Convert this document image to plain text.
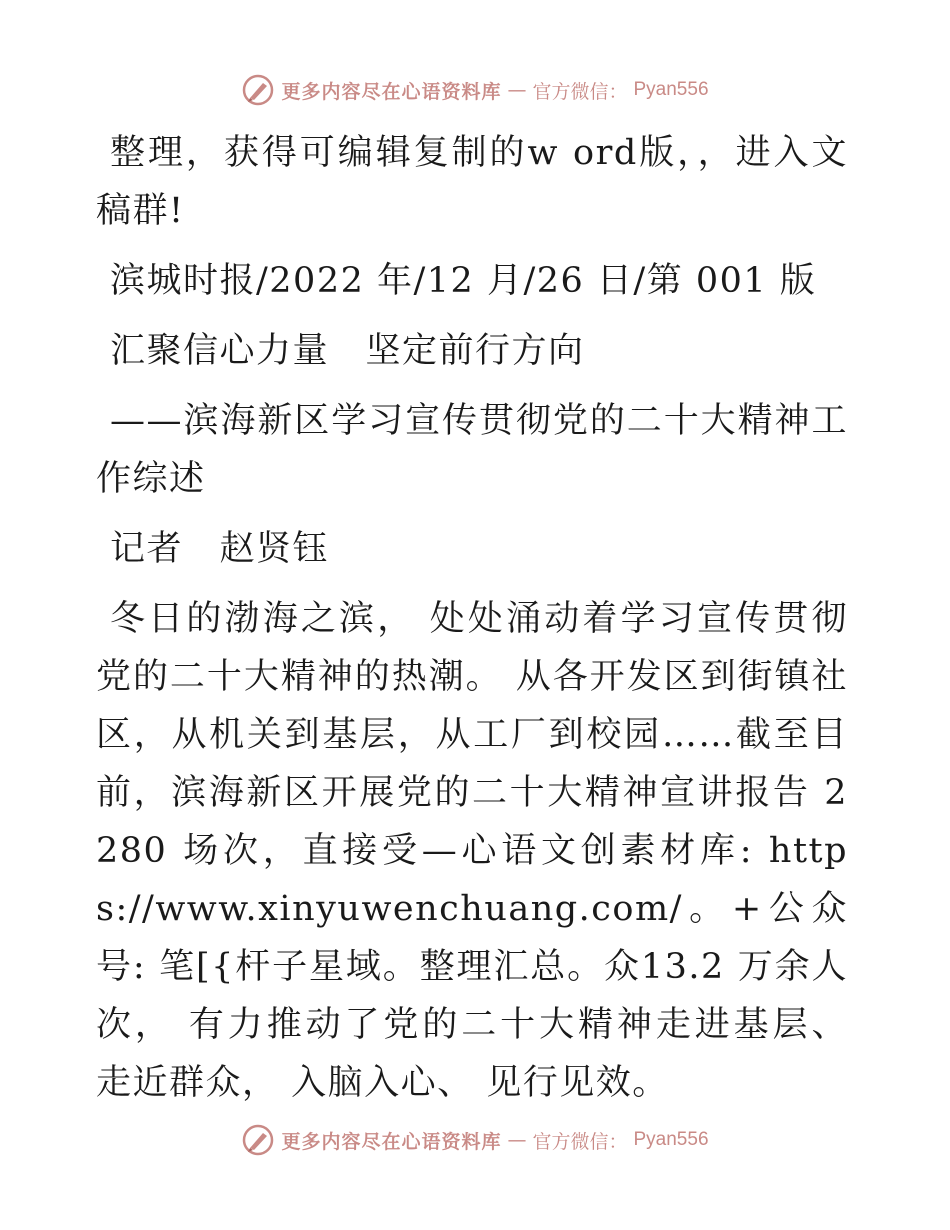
更多内容尽在心语资料库 — 官方微信： Pyan556

整理，获得可编辑复制的w ord版，，进入文稿群!

滨城时报/2022 年/12 月/26 日/第 001 版

汇聚信心力量　坚定前行方向

——滨海新区学习宣传贯彻党的二十大精神工作综述

记者　赵贤钰

冬日的渤海之滨， 处处涌动着学习宣传贯彻党的二十大精神的热潮。 从各开发区到街镇社区，从机关到基层，从工厂到校园……截至目前，滨海新区开展党的二十大精神宣讲报告 2280 场次，直接受—心语文创素材库: https://www.xinyuwenchuang.com/。+公众号: 笔[{杆子星域。整理汇总。众13.2 万余人次， 有力推动了党的二十大精神走进基层、 走近群众， 入脑入心、 见行见效。

更多内容尽在心语资料库 — 官方微信： Pyan556
